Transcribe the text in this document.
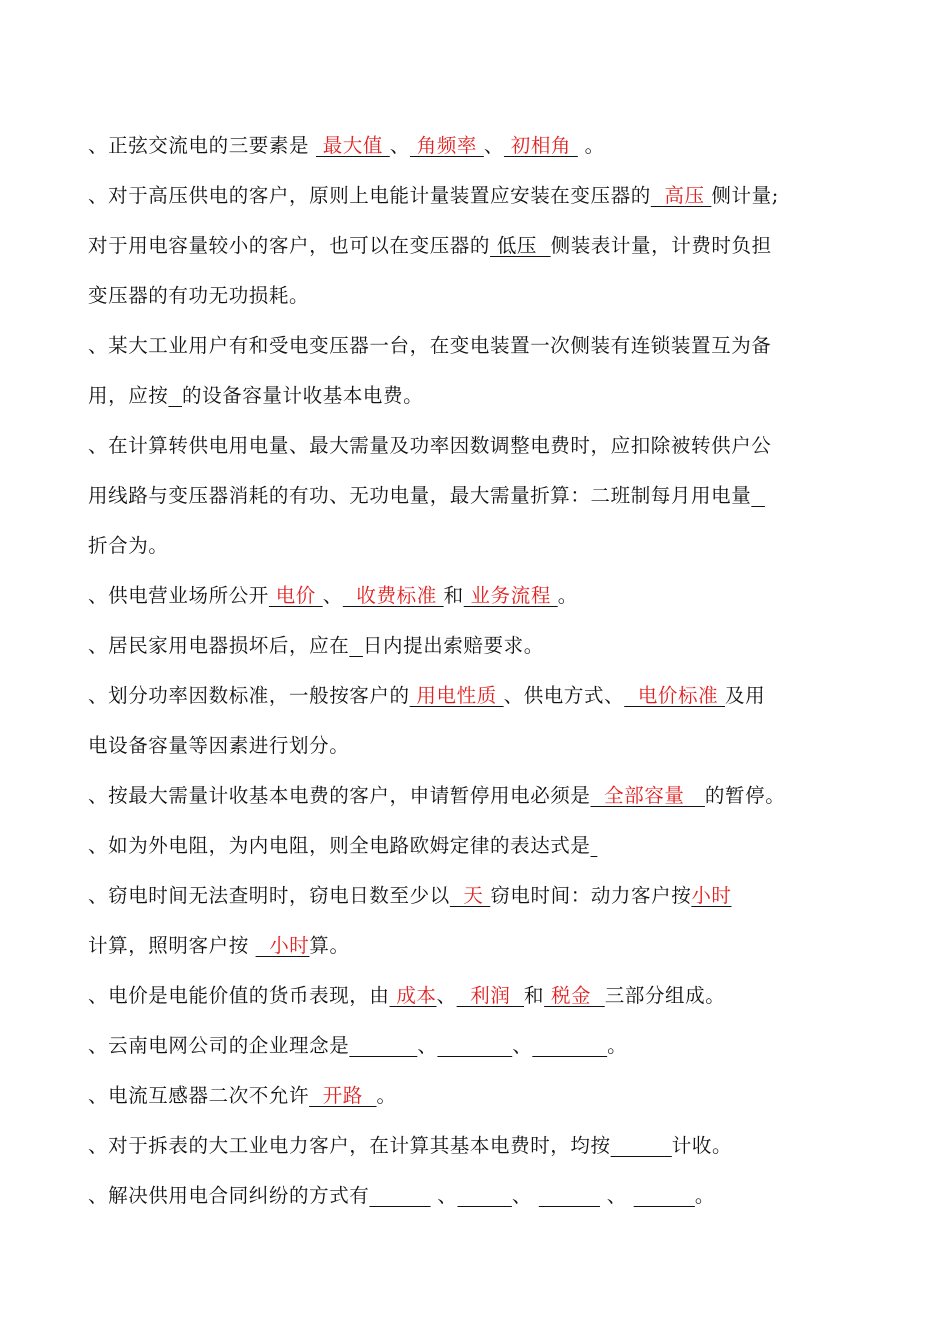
、正弦交流电的三要素是  最大值 、 角频率 、 初相角  。
、对于高压供电的客户，原则上电能计量装置应安装在变压器的  高压 侧计量;
对于用电容量较小的客户，也可以在变压器的 低压  侧装表计量，计费时负担
变压器的有功无功损耗。
、某大工业用户有和受电变压器一台，在变电装置一次侧装有连锁装置互为备
用，应按 的设备容量计收基本电费。
、在计算转供电用电量、最大需量及功率因数调整电费时，应扣除被转供户公
用线路与变压器消耗的有功、无功电量，最大需量折算：二班制每月用电量
折合为。
、供电营业场所公开 电价 、  收费标准 和 业务流程 。
、居民家用电器损坏后，应在 日内提出索赔要求。
、划分功率因数标准，一般按客户的 用电性质 、供电方式、  电价标准 及用
电设备容量等因素进行划分。
、按最大需量计收基本电费的客户，申请暂停用电必须是  全部容量   的暂停。
、如为外电阻，为内电阻，则全电路欧姆定律的表达式是
、窃电时间无法查明时，窃电日数至少以  天 窃电时间：动力客户按小时
计算，照明客户按   小时算。
、电价是电能价值的货币表现，由 成本、  利润  和 税金  三部分组成。
、云南电网公司的企业理念是	、	、	。
、电流互感器二次不允许  开路  。
、对于拆表的大工业电力客户，在计算其基本电费时，均按	计收。
、解决供用电合同纠纷的方式有	、	、	、	。
